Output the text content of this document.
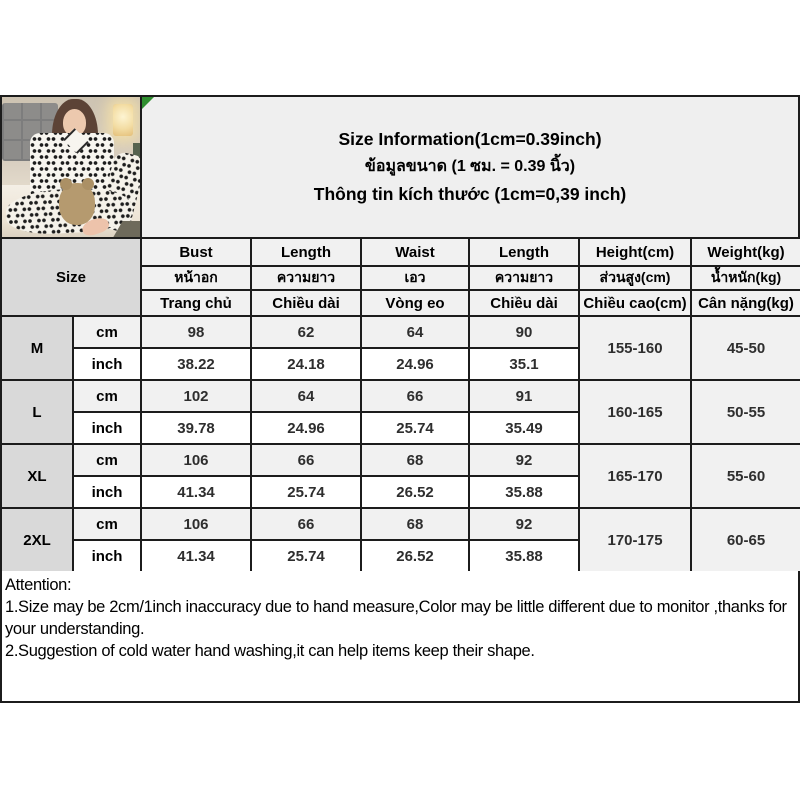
Size Information(1cm=0.39inch)
ข้อมูลขนาด (1 ซม. = 0.39 นิ้ว)
Thông tin kích thước (1cm=0,39 inch)
Size		Bust	Length	Waist	Length	Height(cm)	Weight(kg)
		หน้าอก	ความยาว	เอว	ความยาว	ส่วนสูง(cm)	น้ำหนัก(kg)
		Trang chủ	Chiều dài	Vòng eo	Chiều dài	Chiều cao(cm)	Cân nặng(kg)
M	cm	98	62	64	90	155-160	45-50
	inch	38.22	24.18	24.96	35.1		
L	cm	102	64	66	91	160-165	50-55
	inch	39.78	24.96	25.74	35.49		
XL	cm	106	66	68	92	165-170	55-60
	inch	41.34	25.74	26.52	35.88		
2XL	cm	106	66	68	92	170-175	60-65
	inch	41.34	25.74	26.52	35.88		
Attention:
1.Size may be 2cm/1inch inaccuracy due to hand measure,Color may be little different due to monitor ,thanks for your understanding.
2.Suggestion of cold water hand washing,it can help items keep their shape.
